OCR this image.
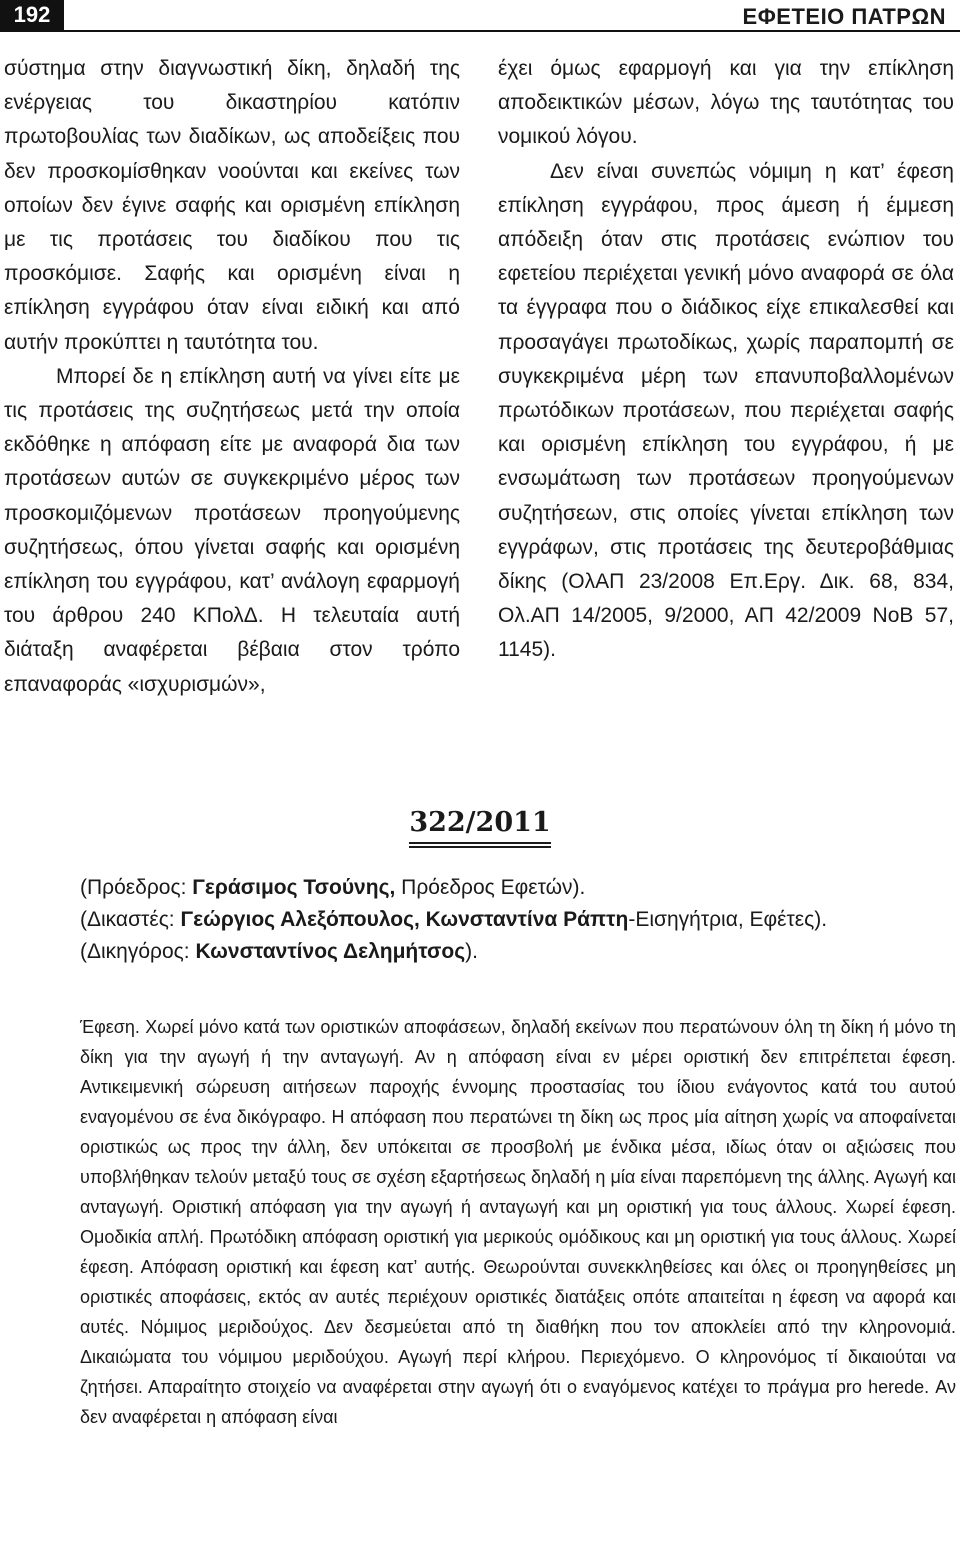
192	ΕΦΕΤΕΙΟ ΠΑΤΡΩΝ

σύστημα στην διαγνωστική δίκη, δηλαδή της ενέργειας του δικαστηρίου κατόπιν πρωτοβουλίας των διαδίκων, ως αποδείξεις που δεν προσκομίσθηκαν νοούνται και εκείνες των οποίων δεν έγινε σαφής και ορισμένη επίκληση με τις προτάσεις του διαδίκου που τις προσκόμισε. Σαφής και ορισμένη είναι η επίκληση εγγράφου όταν είναι ειδική και από αυτήν προκύπτει η ταυτότητα του.

Μπορεί δε η επίκληση αυτή να γίνει είτε με τις προτάσεις της συζητήσεως μετά την οποία εκδόθηκε η απόφαση είτε με αναφορά δια των προτάσεων αυτών σε συγκεκριμένο μέρος των προσκομιζόμενων προτάσεων προηγούμενης συζητήσεως, όπου γίνεται σαφής και ορισμένη επίκληση του εγγράφου, κατ’ ανάλογη εφαρμογή του άρθρου 240 ΚΠολΔ. Η τελευταία αυτή διάταξη αναφέρεται βέβαια στον τρόπο επαναφοράς «ισχυρισμών»,

έχει όμως εφαρμογή και για την επίκληση αποδεικτικών μέσων, λόγω της ταυτότητας του νομικού λόγου.

Δεν είναι συνεπώς νόμιμη η κατ’ έφεση επίκληση εγγράφου, προς άμεση ή έμμεση απόδειξη όταν στις προτάσεις ενώπιον του εφετείου περιέχεται γενική μόνο αναφορά σε όλα τα έγγραφα που ο διάδικος είχε επικαλεσθεί και προσαγάγει πρωτοδίκως, χωρίς παραπομπή σε συγκεκριμένα μέρη των επανυποβαλλομένων πρωτόδικων προτάσεων, που περιέχεται σαφής και ορισμένη επίκληση του εγγράφου, ή με ενσωμάτωση των προτάσεων προηγούμενων συζητήσεων, στις οποίες γίνεται επίκληση των εγγράφων, στις προτάσεις της δευτεροβάθμιας δίκης (ΟλΑΠ 23/2008 Επ.Εργ. Δικ. 68, 834, Ολ.ΑΠ 14/2005, 9/2000, ΑΠ 42/2009 ΝοΒ 57, 1145).

322/2011
(Πρόεδρος: Γεράσιμος Τσούνης, Πρόεδρος Εφετών).
(Δικαστές: Γεώργιος Αλεξόπουλος, Κωνσταντίνα Ράπτη-Εισηγήτρια, Εφέτες).
(Δικηγόρος: Κωνσταντίνος Δελημήτσος).
Έφεση. Χωρεί μόνο κατά των οριστικών αποφάσεων, δηλαδή εκείνων που περατώνουν όλη τη δίκη ή μόνο τη δίκη για την αγωγή ή την ανταγωγή. Αν η απόφαση είναι εν μέρει οριστική δεν επιτρέπεται έφεση. Αντικειμενική σώρευση αιτήσεων παροχής έννομης προστασίας του ίδιου ενάγοντος κατά του αυτού εναγομένου σε ένα δικόγραφο. Η απόφαση που περατώνει τη δίκη ως προς μία αίτηση χωρίς να αποφαίνεται οριστικώς ως προς την άλλη, δεν υπόκειται σε προσβολή με ένδικα μέσα, ιδίως όταν οι αξιώσεις που υποβλήθηκαν τελούν μεταξύ τους σε σχέση εξαρτήσεως δηλαδή η μία είναι παρεπόμενη της άλλης. Αγωγή και ανταγωγή. Οριστική απόφαση για την αγωγή ή ανταγωγή και μη οριστική για τους άλλους. Χωρεί έφεση. Ομοδικία απλή. Πρωτόδικη απόφαση οριστική για μερικούς ομόδικους και μη οριστική για τους άλλους. Χωρεί έφεση. Απόφαση οριστική και έφεση κατ’ αυτής. Θεωρούνται συνεκκληθείσες και όλες οι προηγηθείσες μη οριστικές αποφάσεις, εκτός αν αυτές περιέχουν οριστικές διατάξεις οπότε απαιτείται η έφεση να αφορά και αυτές. Νόμιμος μεριδούχος. Δεν δεσμεύεται από τη διαθήκη που τον αποκλείει από την κληρονομιά. Δικαιώματα του νόμιμου μεριδούχου. Αγωγή περί κλήρου. Περιεχόμενο. Ο κληρονόμος τί δικαιούται να ζητήσει. Απαραίτητο στοιχείο να αναφέρεται στην αγωγή ότι ο εναγόμενος κατέχει το πράγμα pro herede. Αν δεν αναφέρεται η απόφαση είναι
